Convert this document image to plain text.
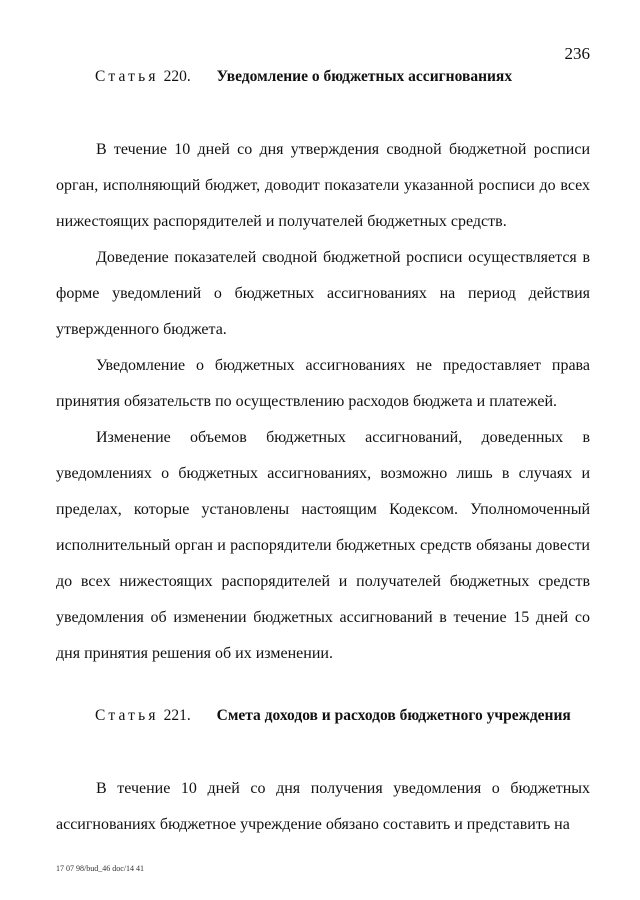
236
Статья 220. Уведомление о бюджетных ассигнованиях

В течение 10 дней со дня утверждения сводной бюджетной росписи орган, исполняющий бюджет, доводит показатели указанной росписи до всех нижестоящих распорядителей и получателей бюджетных средств.

Доведение показателей сводной бюджетной росписи осуществляется в форме уведомлений о бюджетных ассигнованиях на период действия утвержденного бюджета.

Уведомление о бюджетных ассигнованиях не предоставляет права принятия обязательств по осуществлению расходов бюджета и платежей.

Изменение объемов бюджетных ассигнований, доведенных в уведомлениях о бюджетных ассигнованиях, возможно лишь в случаях и пределах, которые установлены настоящим Кодексом. Уполномоченный исполнительный орган и распорядители бюджетных средств обязаны довести до всех нижестоящих распорядителей и получателей бюджетных средств уведомления об изменении бюджетных ассигнований в течение 15 дней со дня принятия решения об их изменении.

Статья 221. Смета доходов и расходов бюджетного учреждения

В течение 10 дней со дня получения уведомления о бюджетных ассигнованиях бюджетное учреждение обязано составить и представить на

17 07 98/bud_46 doc/14 41
